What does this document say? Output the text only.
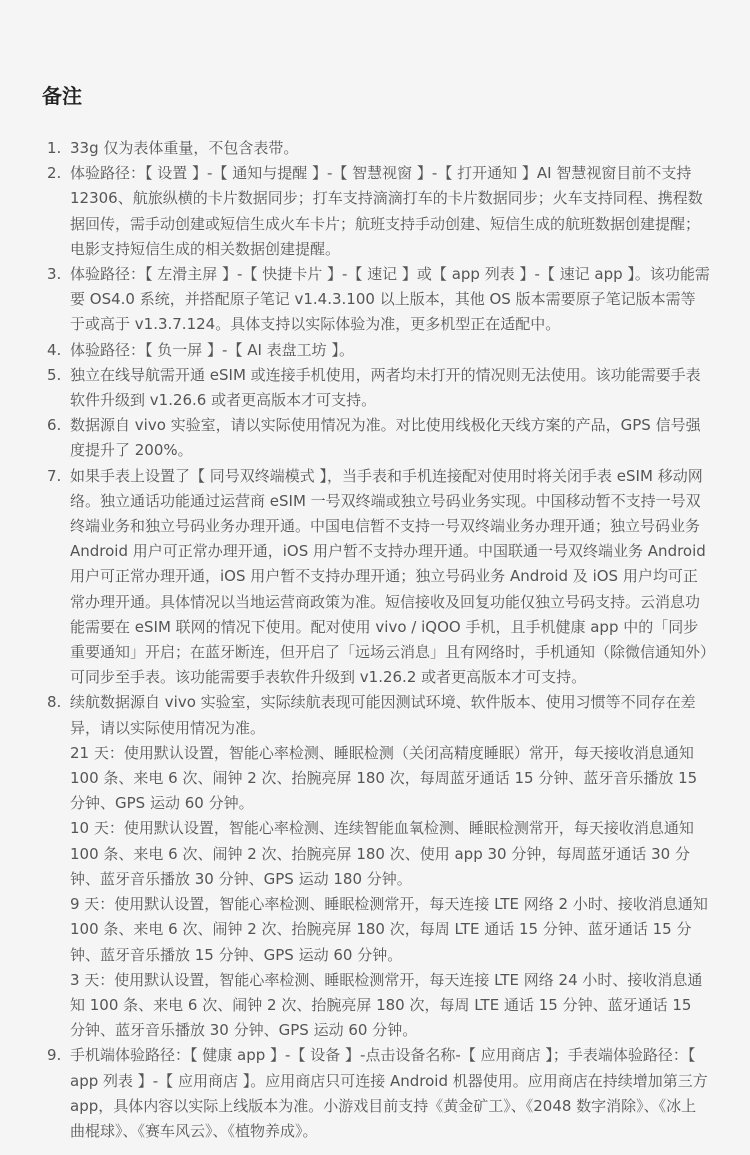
备注
1. 33g 仅为表体重量，不包含表带。
2. 体验路径：【 设置 】-【 通知与提醒 】-【 智慧视窗 】-【 打开通知 】AI 智慧视窗目前不支持 12306、航旅纵横的卡片数据同步；打车支持滴滴打车的卡片数据同步；火车支持同程、携程数据回传，需手动创建或短信生成火车卡片；航班支持手动创建、短信生成的航班数据创建提醒；电影支持短信生成的相关数据创建提醒。
3. 体验路径：【 左滑主屏 】-【 快捷卡片 】-【 速记 】或【 app 列表 】-【 速记 app 】。该功能需要 OS4.0 系统，并搭配原子笔记 v1.4.3.100 以上版本，其他 OS 版本需要原子笔记版本需等于或高于 v1.3.7.124。具体支持以实际体验为准，更多机型正在适配中。
4. 体验路径：【 负一屏 】-【 AI 表盘工坊 】。
5. 独立在线导航需开通 eSIM 或连接手机使用，两者均未打开的情况则无法使用。该功能需要手表软件升级到 v1.26.6 或者更高版本才可支持。
6. 数据源自 vivo 实验室，请以实际使用情况为准。对比使用线极化天线方案的产品，GPS 信号强度提升了 200%。
7. 如果手表上设置了【 同号双终端模式 】，当手表和手机连接配对使用时将关闭手表 eSIM 移动网络。独立通话功能通过运营商 eSIM 一号双终端或独立号码业务实现。中国移动暂不支持一号双终端业务和独立号码业务办理开通。中国电信暂不支持一号双终端业务办理开通；独立号码业务 Android 用户可正常办理开通，iOS 用户暂不支持办理开通。中国联通一号双终端业务 Android 用户可正常办理开通，iOS 用户暂不支持办理开通；独立号码业务 Android 及 iOS 用户均可正常办理开通。具体情况以当地运营商政策为准。短信接收及回复功能仅独立号码支持。云消息功能需要在 eSIM 联网的情况下使用。配对使用 vivo / iQOO 手机，且手机健康 app 中的「同步重要通知」开启；在蓝牙断连，但开启了「远场云消息」且有网络时，手机通知（除微信通知外）可同步至手表。该功能需要手表软件升级到 v1.26.2 或者更高版本才可支持。
8. 续航数据源自 vivo 实验室，实际续航表现可能因测试环境、软件版本、使用习惯等不同存在差异，请以实际使用情况为准。
21 天：使用默认设置，智能心率检测、睡眠检测（关闭高精度睡眠）常开，每天接收消息通知 100 条、来电 6 次、闹钟 2 次、抬腕亮屏 180 次，每周蓝牙通话 15 分钟、蓝牙音乐播放 15 分钟、GPS 运动 60 分钟。
10 天：使用默认设置，智能心率检测、连续智能血氧检测、睡眠检测常开，每天接收消息通知 100 条、来电 6 次、闹钟 2 次、抬腕亮屏 180 次、使用 app 30 分钟，每周蓝牙通话 30 分钟、蓝牙音乐播放 30 分钟、GPS 运动 180 分钟。
9 天：使用默认设置，智能心率检测、睡眠检测常开，每天连接 LTE 网络 2 小时、接收消息通知 100 条、来电 6 次、闹钟 2 次、抬腕亮屏 180 次，每周 LTE 通话 15 分钟、蓝牙通话 15 分钟、蓝牙音乐播放 15 分钟、GPS 运动 60 分钟。
3 天：使用默认设置，智能心率检测、睡眠检测常开，每天连接 LTE 网络 24 小时、接收消息通知 100 条、来电 6 次、闹钟 2 次、抬腕亮屏 180 次，每周 LTE 通话 15 分钟、蓝牙通话 15 分钟、蓝牙音乐播放 30 分钟、GPS 运动 60 分钟。
9. 手机端体验路径：【 健康 app 】-【 设备 】-点击设备名称-【 应用商店 】；手表端体验路径：【 app 列表 】-【 应用商店 】。应用商店只可连接 Android 机器使用。应用商店在持续增加第三方 app，具体内容以实际上线版本为准。小游戏目前支持《黄金矿工》、《2048 数字消除》、《冰上曲棍球》、《赛车风云》、《植物养成》。
